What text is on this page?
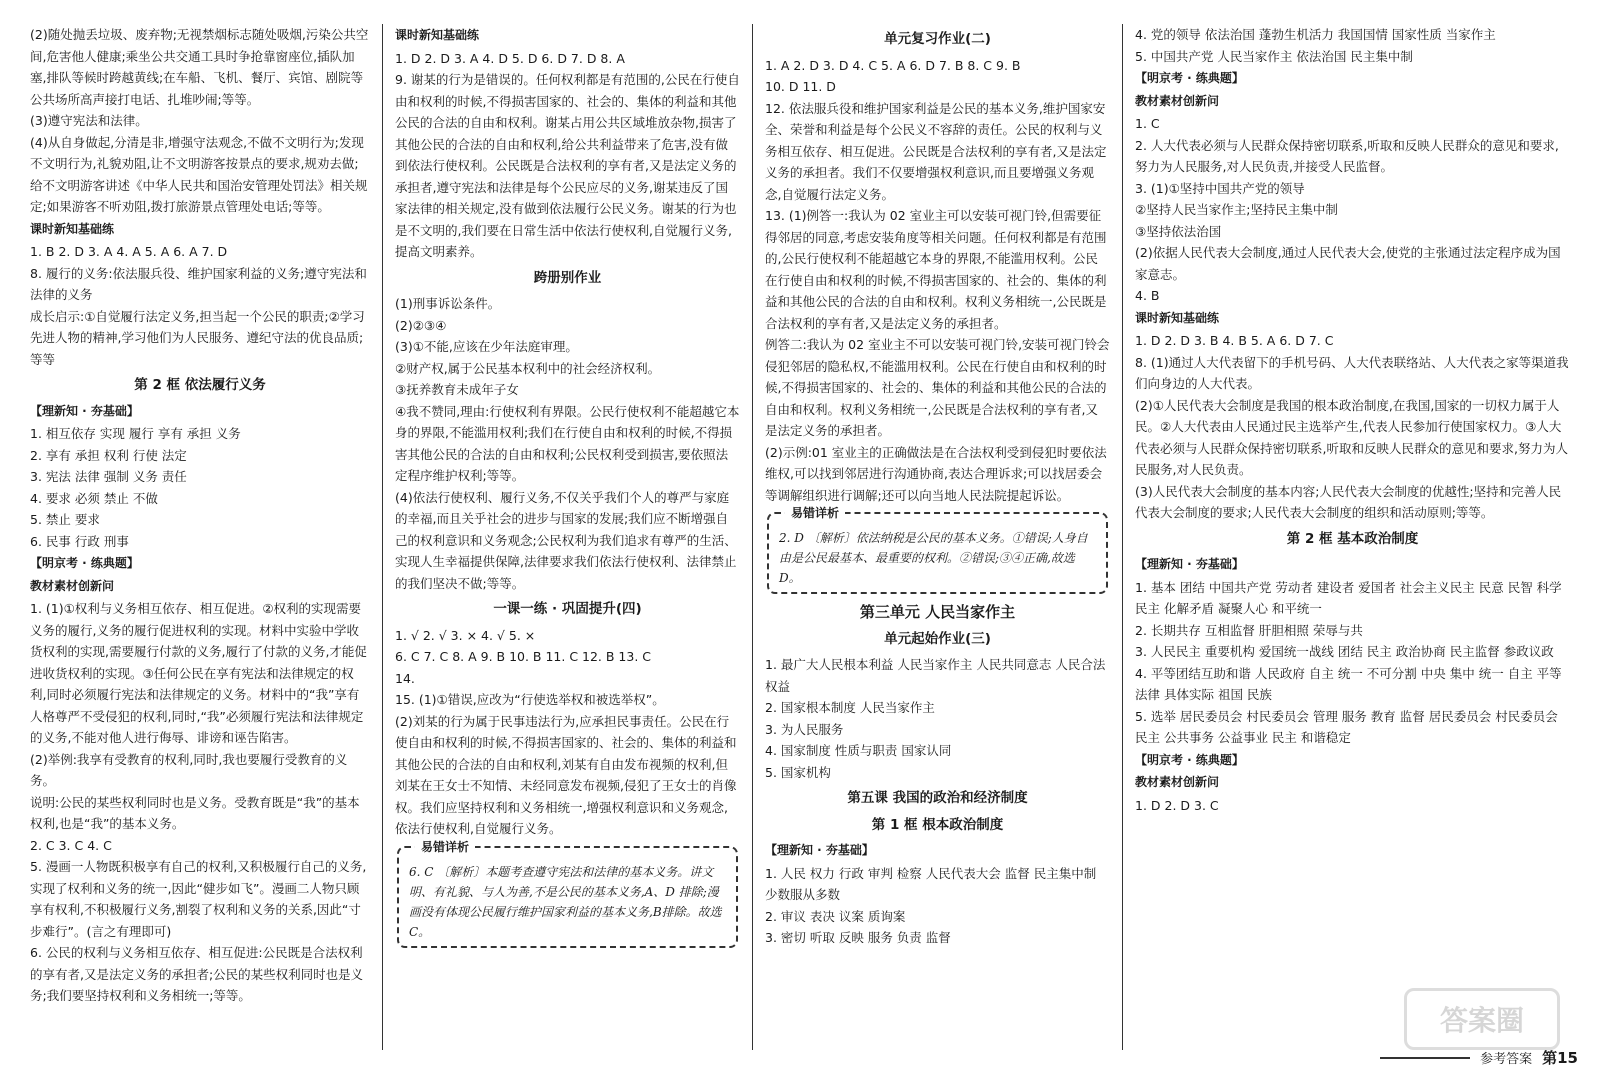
(2)随处抛丢垃圾、废弃物;无视禁烟标志随处吸烟,污染公共空间,危害他人健康;乘坐公共交通工具时争抢靠窗座位,插队加塞,排队等候时跨越黄线;在车船、飞机、餐厅、宾馆、剧院等公共场所高声接打电话、扎堆吵闹;等等。

(3)遵守宪法和法律。

(4)从自身做起,分清是非,增强守法观念,不做不文明行为;发现不文明行为,礼貌劝阻,让不文明游客按景点的要求,规劝去做;给不文明游客讲述《中华人民共和国治安管理处罚法》相关规定;如果游客不听劝阻,拨打旅游景点管理处电话;等等。

课时新知基础练

1. B 2. D 3. A 4. A 5. A 6. A 7. D

8. 履行的义务:依法服兵役、维护国家利益的义务;遵守宪法和法律的义务

成长启示:①自觉履行法定义务,担当起一个公民的职责;②学习先进人物的精神,学习他们为人民服务、遵纪守法的优良品质;等等

第 2 框 依法履行义务

【理新知 · 夯基础】

1. 相互依存 实现 履行 享有 承担 义务

2. 享有 承担 权利 行使 法定

3. 宪法 法律 强制 义务 责任

4. 要求 必须 禁止 不做

5. 禁止 要求

6. 民事 行政 刑事

【明京考 · 练典题】

教材素材创新问

1. (1)①权利与义务相互依存、相互促进。②权利的实现需要义务的履行,义务的履行促进权利的实现。材料中实验中学收货权利的实现,需要履行付款的义务,履行了付款的义务,才能促进收货权利的实现。③任何公民在享有宪法和法律规定的权利,同时必须履行宪法和法律规定的义务。材料中的“我”享有人格尊严不受侵犯的权利,同时,“我”必须履行宪法和法律规定的义务,不能对他人进行侮辱、诽谤和诬告陷害。

(2)举例:我享有受教育的权利,同时,我也要履行受教育的义务。

说明:公民的某些权利同时也是义务。受教育既是“我”的基本权利,也是“我”的基本义务。

2. C 3. C 4. C

5. 漫画一人物既积极享有自己的权利,又积极履行自己的义务,实现了权利和义务的统一,因此“健步如飞”。漫画二人物只顾享有权利,不积极履行义务,割裂了权利和义务的关系,因此“寸步难行”。(言之有理即可)

6. 公民的权利与义务相互依存、相互促进:公民既是合法权利的享有者,又是法定义务的承担者;公民的某些权利同时也是义务;我们要坚持权利和义务相统一;等等。

课时新知基础练

1. D 2. D 3. A 4. D 5. D 6. D 7. D 8. A

9. 谢某的行为是错误的。任何权利都是有范围的,公民在行使自由和权利的时候,不得损害国家的、社会的、集体的利益和其他公民的合法的自由和权利。谢某占用公共区域堆放杂物,损害了其他公民的合法的自由和权利,给公共利益带来了危害,没有做到依法行使权利。公民既是合法权利的享有者,又是法定义务的承担者,遵守宪法和法律是每个公民应尽的义务,谢某违反了国家法律的相关规定,没有做到依法履行公民义务。谢某的行为也是不文明的,我们要在日常生活中依法行使权利,自觉履行义务,提高文明素养。

跨册别作业

(1)刑事诉讼条件。

(2)②③④

(3)①不能,应该在少年法庭审理。

②财产权,属于公民基本权利中的社会经济权利。

③抚养教育未成年子女

④我不赞同,理由:行使权利有界限。公民行使权利不能超越它本身的界限,不能滥用权利;我们在行使自由和权利的时候,不得损害其他公民的合法的自由和权利;公民权利受到损害,要依照法定程序维护权利;等等。

(4)依法行使权利、履行义务,不仅关乎我们个人的尊严与家庭的幸福,而且关乎社会的进步与国家的发展;我们应不断增强自己的权利意识和义务观念;公民权利为我们追求有尊严的生活、实现人生幸福提供保障,法律要求我们依法行使权利、法律禁止的我们坚决不做;等等。

一课一练 · 巩固提升(四)

1. √ 2. √ 3. × 4. √ 5. ×

6. C 7. C 8. A 9. B 10. B 11. C 12. B 13. C

14.

15. (1)①错误,应改为“行使选举权和被选举权”。

(2)刘某的行为属于民事违法行为,应承担民事责任。公民在行使自由和权利的时候,不得损害国家的、社会的、集体的利益和其他公民的合法的自由和权利,刘某有自由发布视频的权利,但刘某在王女士不知情、未经同意发布视频,侵犯了王女士的肖像权。我们应坚持权利和义务相统一,增强权利意识和义务观念,依法行使权利,自觉履行义务。

易错详析

6. C 〔解析〕本题考查遵守宪法和法律的基本义务。讲文明、有礼貌、与人为善,不是公民的基本义务,A、D 排除;漫画没有体现公民履行维护国家利益的基本义务,B排除。故选 C。

单元复习作业(二)

1. A 2. D 3. D 4. C 5. A 6. D 7. B 8. C 9. B

10. D 11. D

12. 依法服兵役和维护国家利益是公民的基本义务,维护国家安全、荣誉和利益是每个公民义不容辞的责任。公民的权利与义务相互依存、相互促进。公民既是合法权利的享有者,又是法定义务的承担者。我们不仅要增强权利意识,而且要增强义务观念,自觉履行法定义务。

13. (1)例答一:我认为 02 室业主可以安装可视门铃,但需要征得邻居的同意,考虑安装角度等相关问题。任何权利都是有范围的,公民行使权利不能超越它本身的界限,不能滥用权利。公民在行使自由和权利的时候,不得损害国家的、社会的、集体的利益和其他公民的合法的自由和权利。权利义务相统一,公民既是合法权利的享有者,又是法定义务的承担者。

例答二:我认为 02 室业主不可以安装可视门铃,安装可视门铃会侵犯邻居的隐私权,不能滥用权利。公民在行使自由和权利的时候,不得损害国家的、社会的、集体的利益和其他公民的合法的自由和权利。权利义务相统一,公民既是合法权利的享有者,又是法定义务的承担者。

(2)示例:01 室业主的正确做法是在合法权利受到侵犯时要依法维权,可以找到邻居进行沟通协商,表达合理诉求;可以找居委会等调解组织进行调解;还可以向当地人民法院提起诉讼。

易错详析

2. D 〔解析〕依法纳税是公民的基本义务。①错误;人身自由是公民最基本、最重要的权利。②错误;③④正确,故选 D。

第三单元 人民当家作主
单元起始作业(三)

1. 最广大人民根本利益 人民当家作主 人民共同意志 人民合法权益

2. 国家根本制度 人民当家作主

3. 为人民服务

4. 国家制度 性质与职责 国家认同

5. 国家机构

第五课 我国的政治和经济制度
第 1 框 根本政治制度

【理新知 · 夯基础】

1. 人民 权力 行政 审判 检察 人民代表大会 监督 民主集中制 少数服从多数

2. 审议 表决 议案 质询案

3. 密切 听取 反映 服务 负责 监督

4. 党的领导 依法治国 蓬勃生机活力 我国国情 国家性质 当家作主

5. 中国共产党 人民当家作主 依法治国 民主集中制

【明京考 · 练典题】

教材素材创新问

1. C

2. 人大代表必须与人民群众保持密切联系,听取和反映人民群众的意见和要求,努力为人民服务,对人民负责,并接受人民监督。

3. (1)①坚持中国共产党的领导

②坚持人民当家作主;坚持民主集中制

③坚持依法治国

(2)依据人民代表大会制度,通过人民代表大会,使党的主张通过法定程序成为国家意志。

4. B

课时新知基础练

1. D 2. D 3. B 4. B 5. A 6. D 7. C

8. (1)通过人大代表留下的手机号码、人大代表联络站、人大代表之家等渠道我们向身边的人大代表。

(2)①人民代表大会制度是我国的根本政治制度,在我国,国家的一切权力属于人民。②人大代表由人民通过民主选举产生,代表人民参加行使国家权力。③人大代表必须与人民群众保持密切联系,听取和反映人民群众的意见和要求,努力为人民服务,对人民负责。

(3)人民代表大会制度的基本内容;人民代表大会制度的优越性;坚持和完善人民代表大会制度的要求;人民代表大会制度的组织和活动原则;等等。

第 2 框 基本政治制度

【理新知 · 夯基础】

1. 基本 团结 中国共产党 劳动者 建设者 爱国者 社会主义民主 民意 民智 科学民主 化解矛盾 凝聚人心 和平统一

2. 长期共存 互相监督 肝胆相照 荣辱与共

3. 人民民主 重要机构 爱国统一战线 团结 民主 政治协商 民主监督 参政议政

4. 平等团结互助和谐 人民政府 自主 统一 不可分割 中央 集中 统一 自主 平等 法律 具体实际 祖国 民族

5. 选举 居民委员会 村民委员会 管理 服务 教育 监督 居民委员会 村民委员会 民主 公共事务 公益事业 民主 和谐稳定

【明京考 · 练典题】

教材素材创新问

1. D 2. D 3. C

答案圈
参考答案 第15
